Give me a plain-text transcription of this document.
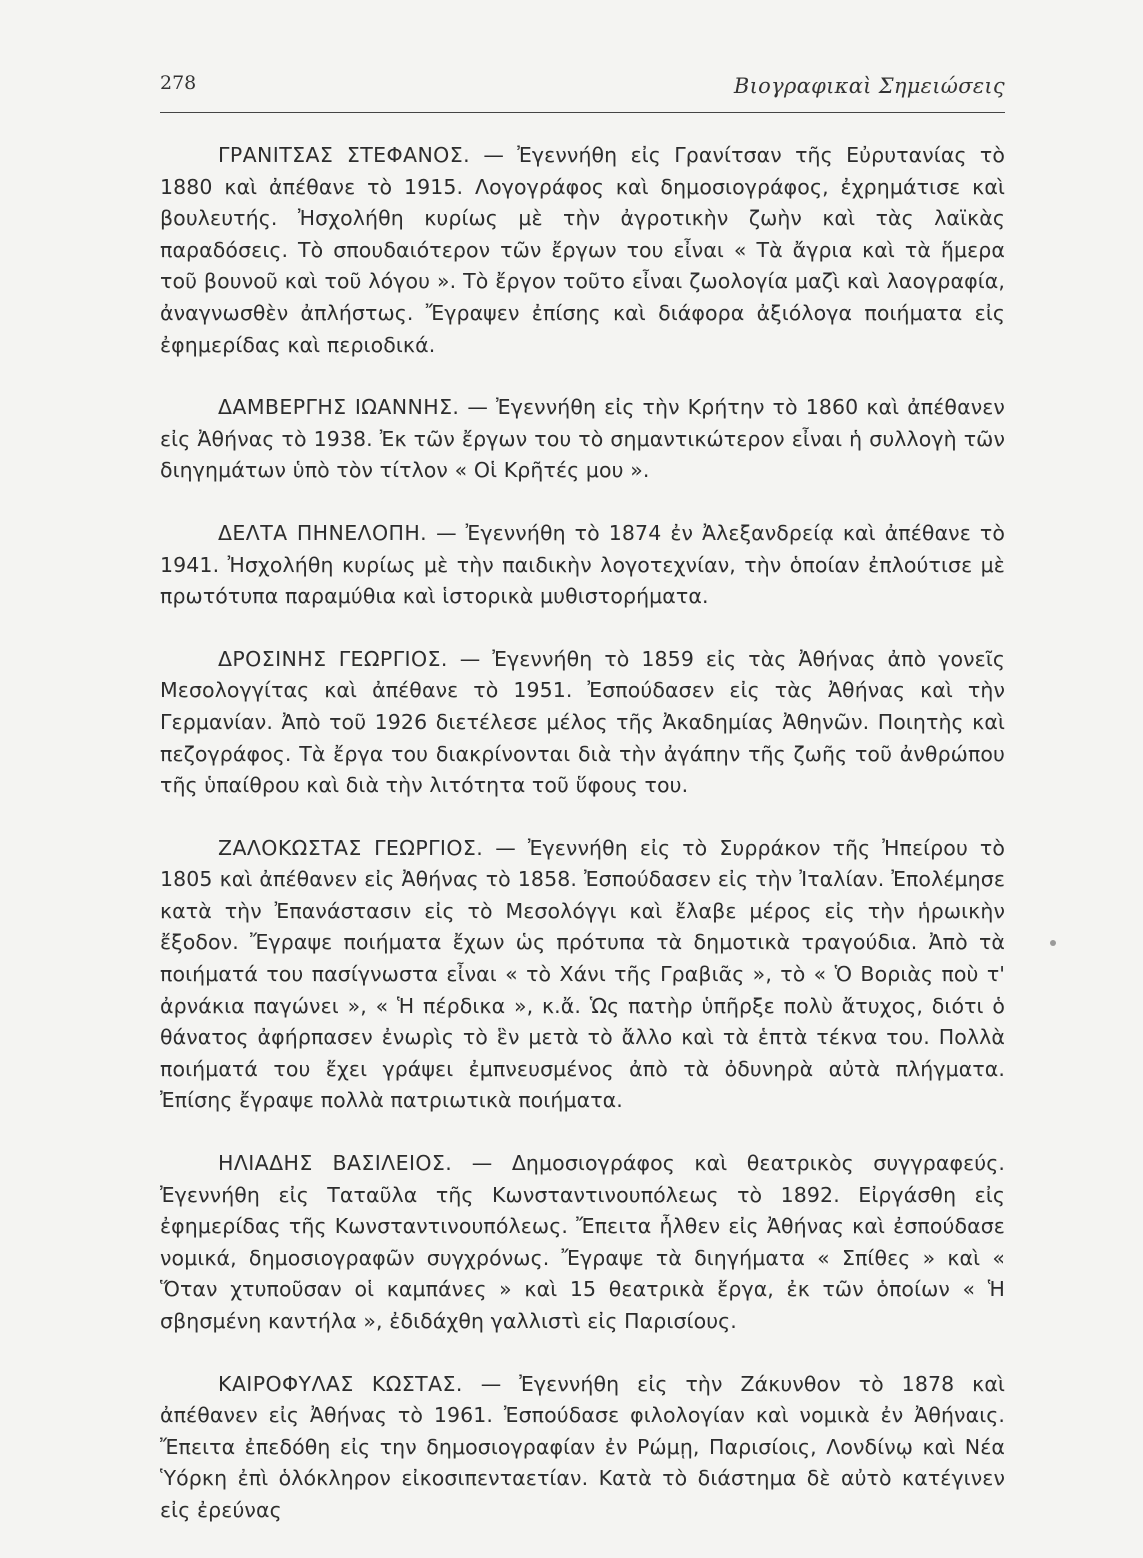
278	Βιογραφικαὶ Σημειώσεις

ΓΡΑΝΙΤΣΑΣ ΣΤΕΦΑΝΟΣ. — Ἐγεννήθη εἰς Γρανίτσαν τῆς Εὐρυτανίας τὸ 1880 καὶ ἀπέθανε τὸ 1915. Λογογράφος καὶ δημοσιογράφος, ἐχρημάτισε καὶ βουλευτής. Ἠσχολήθη κυρίως μὲ τὴν ἀγροτικὴν ζωὴν καὶ τὰς λαϊκὰς παραδόσεις. Τὸ σπουδαιότερον τῶν ἔργων του εἶναι « Τὰ ἄγρια καὶ τὰ ἥμερα τοῦ βουνοῦ καὶ τοῦ λόγου ». Τὸ ἔργον τοῦτο εἶναι ζωολογία μαζὶ καὶ λαογραφία, ἀναγνωσθὲν ἀπλήστως. Ἔγραψεν ἐπίσης καὶ διάφορα ἀξιόλογα ποιήματα εἰς ἐφημερίδας καὶ περιοδικά.

ΔΑΜΒΕΡΓΗΣ ΙΩΑΝΝΗΣ. — Ἐγεννήθη εἰς τὴν Κρήτην τὸ 1860 καὶ ἀπέθανεν εἰς Ἀθήνας τὸ 1938. Ἐκ τῶν ἔργων του τὸ σημαντικώτερον εἶναι ἡ συλλογὴ τῶν διηγημάτων ὑπὸ τὸν τίτλον « Οἱ Κρῆτές μου ».

ΔΕΛΤΑ ΠΗΝΕΛΟΠΗ. — Ἐγεννήθη τὸ 1874 ἐν Ἀλεξανδρείᾳ καὶ ἀπέθανε τὸ 1941. Ἠσχολήθη κυρίως μὲ τὴν παιδικὴν λογοτεχνίαν, τὴν ὁποίαν ἐπλούτισε μὲ πρωτότυπα παραμύθια καὶ ἱστορικὰ μυθιστορήματα.

ΔΡΟΣΙΝΗΣ ΓΕΩΡΓΙΟΣ. — Ἐγεννήθη τὸ 1859 εἰς τὰς Ἀθήνας ἀπὸ γονεῖς Μεσολογγίτας καὶ ἀπέθανε τὸ 1951. Ἐσπούδασεν εἰς τὰς Ἀθήνας καὶ τὴν Γερμανίαν. Ἀπὸ τοῦ 1926 διετέλεσε μέλος τῆς Ἀκαδημίας Ἀθηνῶν. Ποιητὴς καὶ πεζογράφος. Τὰ ἔργα του διακρίνονται διὰ τὴν ἀγάπην τῆς ζωῆς τοῦ ἀνθρώπου τῆς ὑπαίθρου καὶ διὰ τὴν λιτότητα τοῦ ὕφους του.

ΖΑΛΟΚΩΣΤΑΣ ΓΕΩΡΓΙΟΣ. — Ἐγεννήθη εἰς τὸ Συρράκον τῆς Ἠπείρου τὸ 1805 καὶ ἀπέθανεν εἰς Ἀθήνας τὸ 1858. Ἐσπούδασεν εἰς τὴν Ἰταλίαν. Ἐπολέμησε κατὰ τὴν Ἐπανάστασιν εἰς τὸ Μεσολόγγι καὶ ἔλαβε μέρος εἰς τὴν ἡρωικὴν ἔξοδον. Ἔγραψε ποιήματα ἔχων ὡς πρότυπα τὰ δημοτικὰ τραγούδια. Ἀπὸ τὰ ποιήματά του πασίγνωστα εἶναι « τὸ Χάνι τῆς Γραβιᾶς », τὸ « Ὁ Βοριὰς ποὺ τ' ἀρνάκια παγώνει », « Ἡ πέρδικα », κ.ἄ. Ὡς πατὴρ ὑπῆρξε πολὺ ἄτυχος, διότι ὁ θάνατος ἀφήρπασεν ἐνωρὶς τὸ ἓν μετὰ τὸ ἄλλο καὶ τὰ ἑπτὰ τέκνα του. Πολλὰ ποιήματά του ἔχει γράψει ἐμπνευσμένος ἀπὸ τὰ ὀδυνηρὰ αὐτὰ πλήγματα. Ἐπίσης ἔγραψε πολλὰ πατριωτικὰ ποιήματα.

ΗΛΙΑΔΗΣ ΒΑΣΙΛΕΙΟΣ. — Δημοσιογράφος καὶ θεατρικὸς συγγραφεύς. Ἐγεννήθη εἰς Ταταῦλα τῆς Κωνσταντινουπόλεως τὸ 1892. Εἰργάσθη εἰς ἐφημερίδας τῆς Κωνσταντινουπόλεως. Ἔπειτα ἦλθεν εἰς Ἀθήνας καὶ ἐσπούδασε νομικά, δημοσιογραφῶν συγχρόνως. Ἔγραψε τὰ διηγήματα « Σπίθες » καὶ « Ὅταν χτυποῦσαν οἱ καμπάνες » καὶ 15 θεατρικὰ ἔργα, ἐκ τῶν ὁποίων « Ἡ σβησμένη καντήλα », ἐδιδάχθη γαλλιστὶ εἰς Παρισίους.

ΚΑΙΡΟΦΥΛΑΣ ΚΩΣΤΑΣ. — Ἐγεννήθη εἰς τὴν Ζάκυνθον τὸ 1878 καὶ ἀπέθανεν εἰς Ἀθήνας τὸ 1961. Ἐσπούδασε φιλολογίαν καὶ νομικὰ ἐν Ἀθήναις. Ἔπειτα ἐπεδόθη εἰς την δημοσιογραφίαν ἐν Ρώμῃ, Παρισίοις, Λονδίνῳ καὶ Νέα Ὑόρκη ἐπὶ ὁλόκληρον εἰκοσιπενταετίαν. Κατὰ τὸ διάστημα δὲ αὐτὸ κατέγινεν εἰς ἐρεύνας
